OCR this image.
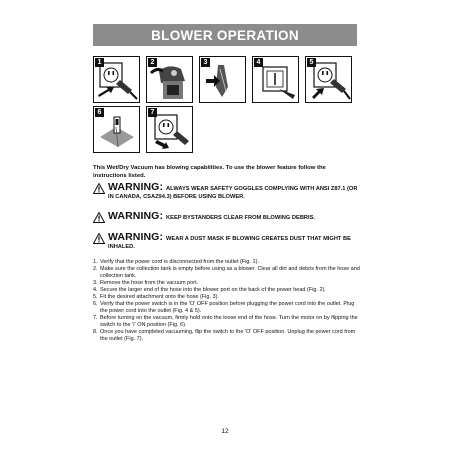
BLOWER OPERATION
1	2	3	4	5
6	7
This Wet/Dry Vacuum has blowing capabilities. To use the blower feature follow the instructions listed.
WARNING: ALWAYS WEAR SAFETY GOGGLES COMPLYING WITH ANSI Z87.1 (OR IN CANADA, CSAZ94.3) BEFORE USING BLOWER.
WARNING: KEEP BYSTANDERS CLEAR FROM BLOWING DEBRIS.
WARNING: WEAR A DUST MASK IF BLOWING CREATES DUST THAT MIGHT BE INHALED.
1. Verify that the power cord is disconnected from the outlet (Fig. 1).
2. Make sure the collection tank is empty before using as a blower. Clear all dirt and debris from the hose and collection tank.
3. Remove the hose from the vacuum port.
4. Secure the larger end of the hose into the blower port on the back of the power head (Fig. 2).
5. Fit the desired attachment onto the hose (Fig. 3).
6. Verify that the power switch is in the 'O' OFF position before plugging the power cord into the outlet. Plug the power cord into the outlet (Fig. 4 & 5).
7. Before turning on the vacuum, firmly hold onto the loose end of the hose. Turn the motor on by flipping the switch to the 'I' ON position (Fig. 6).
8. Once you have completed vacuuming, flip the switch to the 'O' OFF position. Unplug the power cord from the outlet (Fig. 7).
12
